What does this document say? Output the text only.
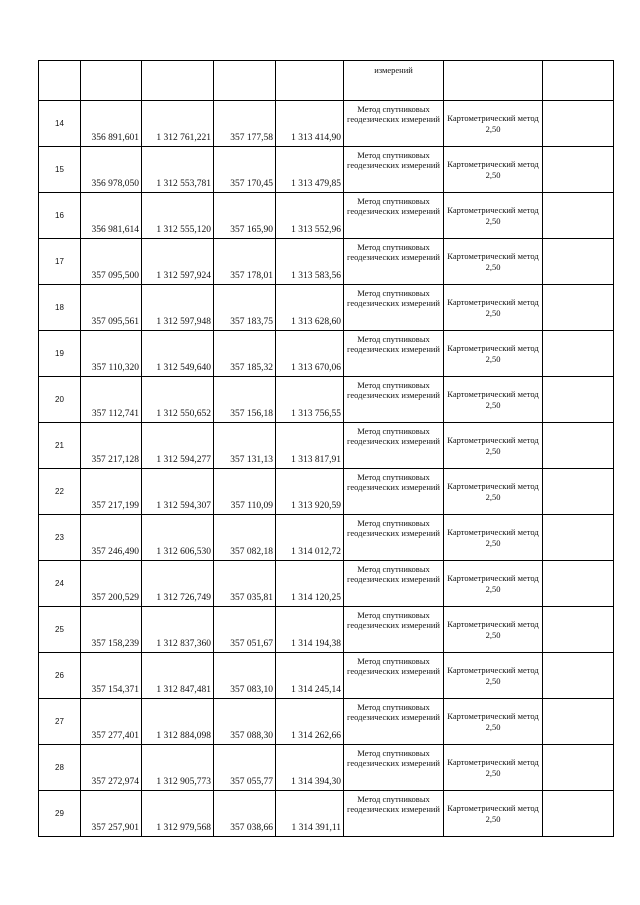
					измерений		
14	356 891,601	1 312 761,221	357 177,58	1 313 414,90	Метод спутниковых геодезических измерений	Картометрический метод 2,50	
15	356 978,050	1 312 553,781	357 170,45	1 313 479,85	Метод спутниковых геодезических измерений	Картометрический метод 2,50	
16	356 981,614	1 312 555,120	357 165,90	1 313 552,96	Метод спутниковых геодезических измерений	Картометрический метод 2,50	
17	357 095,500	1 312 597,924	357 178,01	1 313 583,56	Метод спутниковых геодезических измерений	Картометрический метод 2,50	
18	357 095,561	1 312 597,948	357 183,75	1 313 628,60	Метод спутниковых геодезических измерений	Картометрический метод 2,50	
19	357 110,320	1 312 549,640	357 185,32	1 313 670,06	Метод спутниковых геодезических измерений	Картометрический метод 2,50	
20	357 112,741	1 312 550,652	357 156,18	1 313 756,55	Метод спутниковых геодезических измерений	Картометрический метод 2,50	
21	357 217,128	1 312 594,277	357 131,13	1 313 817,91	Метод спутниковых геодезических измерений	Картометрический метод 2,50	
22	357 217,199	1 312 594,307	357 110,09	1 313 920,59	Метод спутниковых геодезических измерений	Картометрический метод 2,50	
23	357 246,490	1 312 606,530	357 082,18	1 314 012,72	Метод спутниковых геодезических измерений	Картометрический метод 2,50	
24	357 200,529	1 312 726,749	357 035,81	1 314 120,25	Метод спутниковых геодезических измерений	Картометрический метод 2,50	
25	357 158,239	1 312 837,360	357 051,67	1 314 194,38	Метод спутниковых геодезических измерений	Картометрический метод 2,50	
26	357 154,371	1 312 847,481	357 083,10	1 314 245,14	Метод спутниковых геодезических измерений	Картометрический метод 2,50	
27	357 277,401	1 312 884,098	357 088,30	1 314 262,66	Метод спутниковых геодезических измерений	Картометрический метод 2,50	
28	357 272,974	1 312 905,773	357 055,77	1 314 394,30	Метод спутниковых геодезических измерений	Картометрический метод 2,50	
29	357 257,901	1 312 979,568	357 038,66	1 314 391,11	Метод спутниковых геодезических измерений	Картометрический метод 2,50	
